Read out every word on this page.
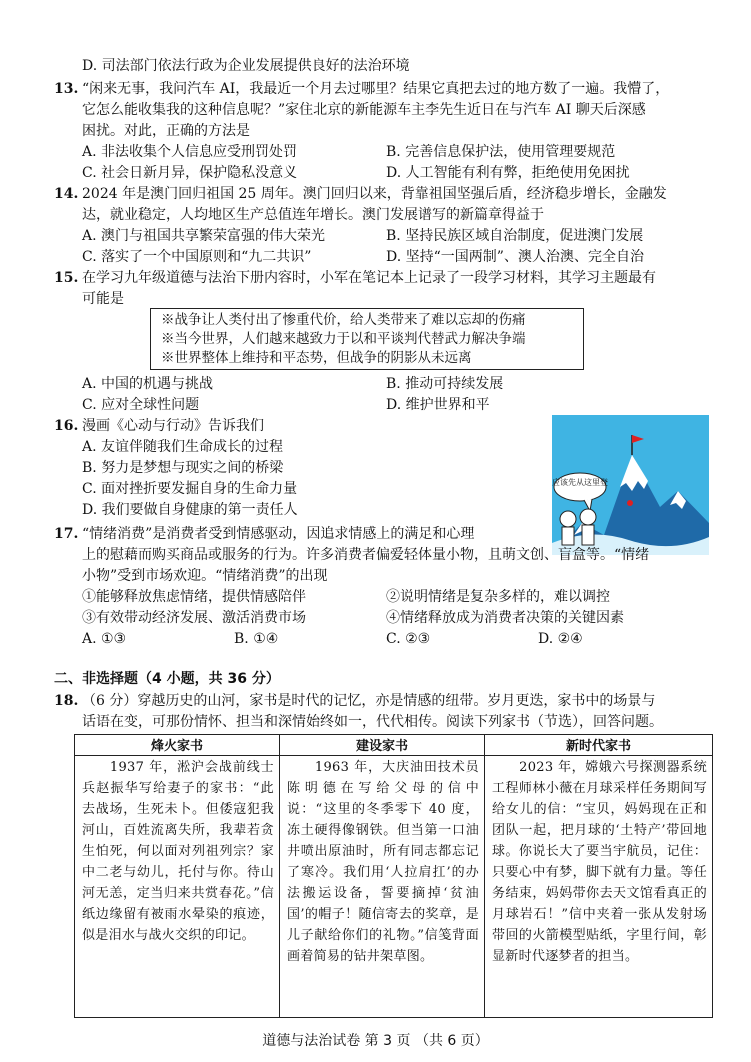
D. 司法部门依法行政为企业发展提供良好的法治环境
13. “闲来无事，我问汽车 AI，我最近一个月去过哪里？结果它真把去过的地方数了一遍。我懵了，
它怎么能收集我的这种信息呢？”家住北京的新能源车主李先生近日在与汽车 AI 聊天后深感
困扰。对此，正确的方法是
A. 非法收集个人信息应受刑罚处罚	B. 完善信息保护法，使用管理要规范
C. 社会日新月异，保护隐私没意义	D. 人工智能有利有弊，拒绝使用免困扰
14. 2024 年是澳门回归祖国 25 周年。澳门回归以来，背靠祖国坚强后盾，经济稳步增长，金融发
达，就业稳定，人均地区生产总值连年增长。澳门发展谱写的新篇章得益于
A. 澳门与祖国共享繁荣富强的伟大荣光	B. 坚持民族区域自治制度，促进澳门发展
C. 落实了一个中国原则和“九二共识”	D. 坚持“一国两制”、澳人治澳、完全自治
15. 在学习九年级道德与法治下册内容时，小军在笔记本上记录了一段学习材料，其学习主题最有
可能是
※战争让人类付出了惨重代价，给人类带来了难以忘却的伤痛
※当今世界，人们越来越致力于以和平谈判代替武力解决争端
※世界整体上维持和平态势，但战争的阴影从未远离
A. 中国的机遇与挑战	B. 推动可持续发展
C. 应对全球性问题	D. 维护世界和平
16. 漫画《心动与行动》告诉我们
A. 友谊伴随我们生命成长的过程
B. 努力是梦想与现实之间的桥梁
C. 面对挫折要发掘自身的生命力量
D. 我们要做自身健康的第一责任人
应该先从这里登
17. “情绪消费”是消费者受到情感驱动，因追求情感上的满足和心理
上的慰藉而购买商品或服务的行为。许多消费者偏爱轻体量小物，且萌文创、盲盒等。“情绪
小物”受到市场欢迎。“情绪消费”的出现
①能够释放焦虑情绪，提供情感陪伴	②说明情绪是复杂多样的，难以调控
③有效带动经济发展、激活消费市场	④情绪释放成为消费者决策的关键因素
A. ①③	B. ①④	C. ②③	D. ②④
二、非选择题（4 小题，共 36 分）
18. （6 分）穿越历史的山河，家书是时代的记忆，亦是情感的纽带。岁月更迭，家书中的场景与
话语在变，可那份情怀、担当和深情始终如一，代代相传。阅读下列家书（节选），回答问题。
烽火家书	建设家书	新时代家书
　　1937 年，淞沪会战前线士兵赵振华写给妻子的家书：“此去战场，生死未卜。但倭寇犯我河山，百姓流离失所，我辈若贪生怕死，何以面对列祖列宗？家中二老与幼儿，托付与你。待山河无恙，定当归来共赏春花。”信纸边缘留有被雨水晕染的痕迹，似是泪水与战火交织的印记。	　　1963 年，大庆油田技术员陈明德在写给父母的信中说：“这里的冬季零下 40 度，冻土硬得像钢铁。但当第一口油井喷出原油时，所有同志都忘记了寒冷。我们用‘人拉肩扛’的办法搬运设备，誓要摘掉‘贫油国’的帽子！随信寄去的奖章，是儿子献给你们的礼物。”信笺背面画着简易的钻井架草图。	　　2023 年，嫦娥六号探测器系统工程师林小薇在月球采样任务期间写给女儿的信：“宝贝，妈妈现在正和团队一起，把月球的‘土特产’带回地球。你说长大了要当宇航员，记住：只要心中有梦，脚下就有力量。等任务结束，妈妈带你去天文馆看真正的月球岩石！”信中夹着一张从发射场带回的火箭模型贴纸，字里行间，彰显新时代逐梦者的担当。
道德与法治试卷 第 3 页 （共 6 页）
